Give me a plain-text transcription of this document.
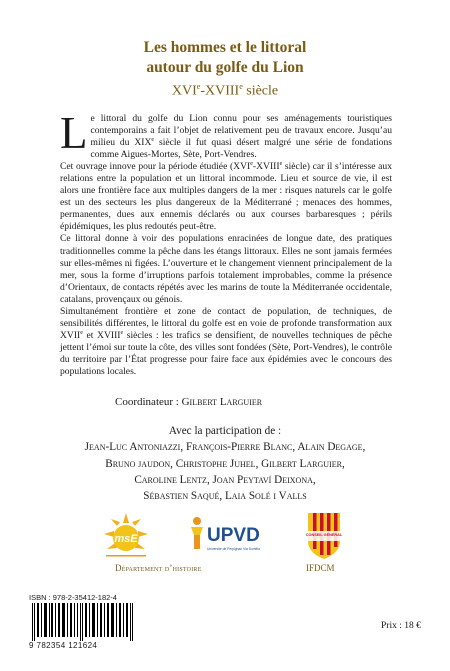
Les hommes et le littoral
autour du golfe du Lion
XVIe-XVIIIe siècle

Le littoral du golfe du Lion connu pour ses aménagements touristiques contemporains a fait l’objet de relativement peu de travaux encore. Jusqu’au milieu du XIXe siècle il fut quasi désert malgré une série de fondations comme Aigues-Mortes, Sète, Port-Vendres.

Cet ouvrage innove pour la période étudiée (XVIe-XVIIIe siècle) car il s’intéresse aux relations entre la population et un littoral incommode. Lieu et source de vie, il est alors une frontière face aux multiples dangers de la mer : risques naturels car le golfe est un des secteurs les plus dangereux de la Méditerrané ; menaces des hommes, permanentes, dues aux ennemis déclarés ou aux courses barbaresques ; périls épidémiques, les plus redoutés peut-être.

Ce littoral donne à voir des populations enracinées de longue date, des pratiques traditionnelles comme la pêche dans les étangs littoraux. Elles ne sont jamais fermées sur elles-mêmes ni figées. L’ouverture et le changement viennent principalement de la mer, sous la forme d’irruptions parfois totalement improbables, comme la présence d’Orientaux, de contacts répétés avec les marins de toute la Méditerranée occidentale, catalans, provençaux ou génois.

Simultanément frontière et zone de contact de population, de techniques, de sensibilités différentes, le littoral du golfe est en voie de profonde transformation aux XVIIe et XVIIIe siècles : les trafics se densifient, de nouvelles techniques de pêche jettent l’émoi sur toute la côte, des villes sont fondées (Sète, Port-Vendres), le contrôle du territoire par l’État progresse pour faire face aux épidémies avec le concours des populations locales.

Coordinateur : Gilbert Larguier
Avec la participation de :
Jean-Luc Antoniazzi, François-Pierre Blanc, Alain Degage,
Bruno jaudon, Christophe Juhel, Gilbert Larguier,
Caroline Lentz, Joan Peytaví Deixona,
Sébastien Saqué, Laia Solé i Valls
msE	UPVD
Université de Perpignan Via Domitia
CONSEIL GÉNÉRAL
Département d’histoire	IFDCM
ISBN : 978-2-35412-182-4
9 782354 121624
Prix : 18 €
